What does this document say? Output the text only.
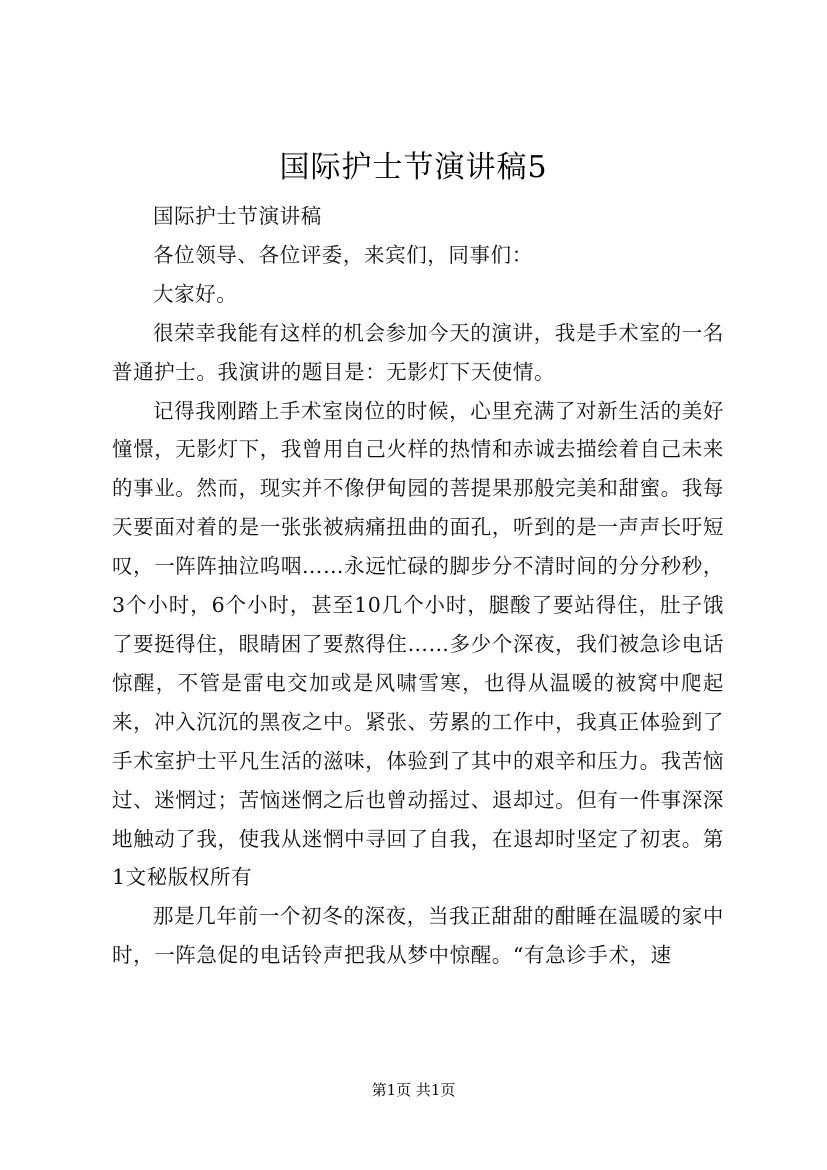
国际护士节演讲稿5

国际护士节演讲稿

各位领导、各位评委，来宾们，同事们：

大家好。

很荣幸我能有这样的机会参加今天的演讲，我是手术室的一名普通护士。我演讲的题目是：无影灯下天使情。

记得我刚踏上手术室岗位的时候，心里充满了对新生活的美好憧憬，无影灯下，我曾用自己火样的热情和赤诚去描绘着自己未来的事业。然而，现实并不像伊甸园的菩提果那般完美和甜蜜。我每天要面对着的是一张张被病痛扭曲的面孔，听到的是一声声长吁短叹，一阵阵抽泣呜咽……永远忙碌的脚步分不清时间的分分秒秒，3个小时，6个小时，甚至10几个小时，腿酸了要站得住，肚子饿了要挺得住，眼睛困了要熬得住……多少个深夜，我们被急诊电话惊醒，不管是雷电交加或是风啸雪寒，也得从温暖的被窝中爬起来，冲入沉沉的黑夜之中。紧张、劳累的工作中，我真正体验到了手术室护士平凡生活的滋味，体验到了其中的艰辛和压力。我苦恼过、迷惘过；苦恼迷惘之后也曾动摇过、退却过。但有一件事深深地触动了我，使我从迷惘中寻回了自我，在退却时坚定了初衷。第1文秘版权所有

那是几年前一个初冬的深夜，当我正甜甜的酣睡在温暖的家中时，一阵急促的电话铃声把我从梦中惊醒。“有急诊手术，速

第1页 共1页
